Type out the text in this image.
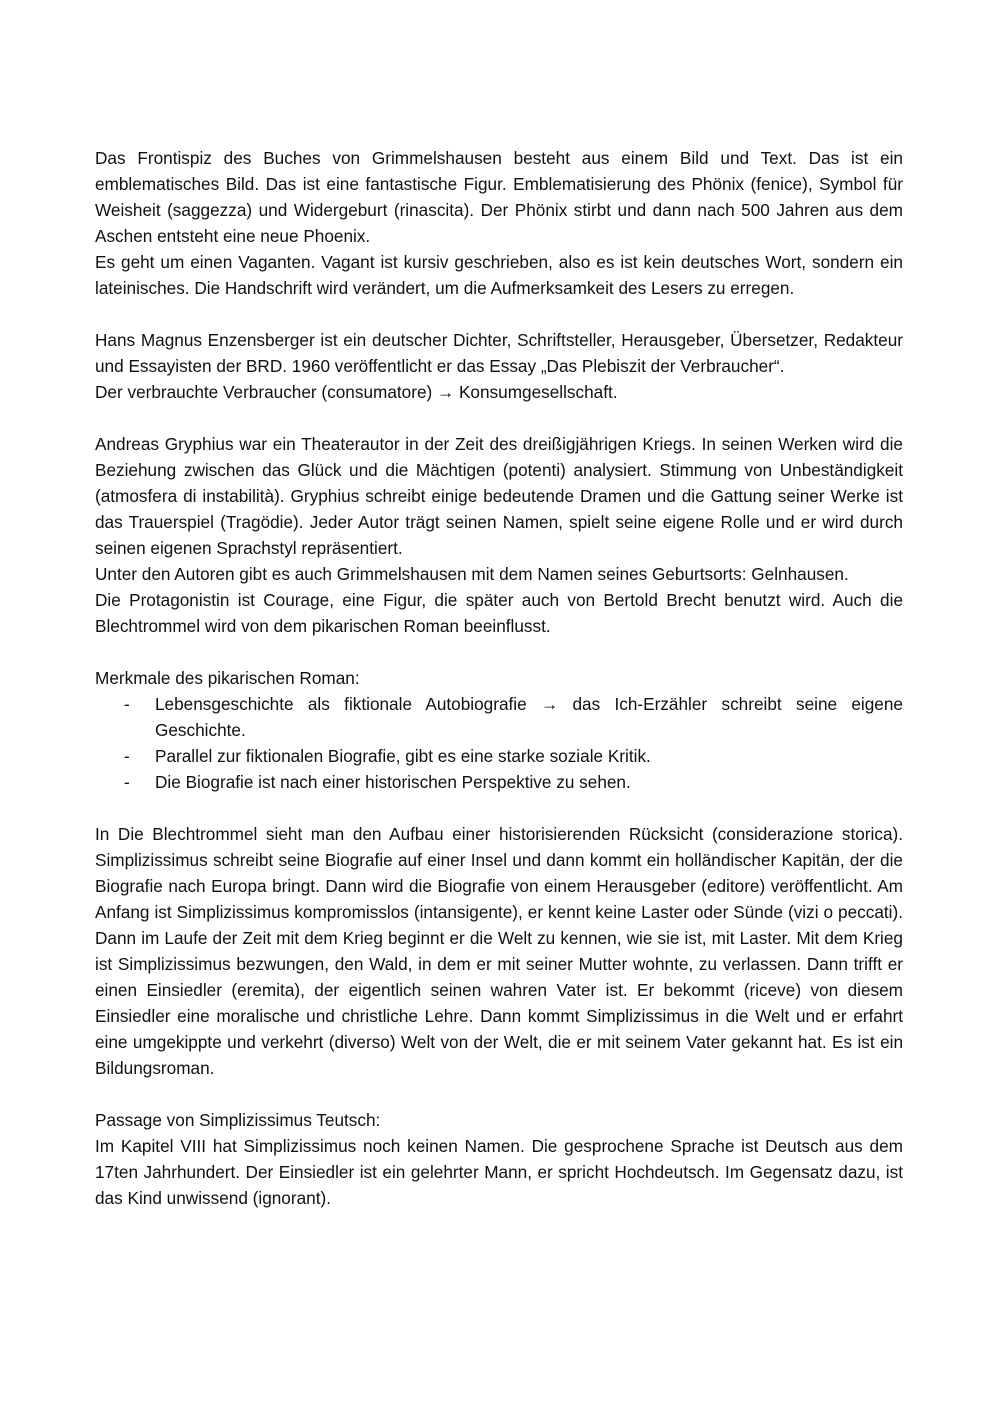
Das Frontispiz des Buches von Grimmelshausen besteht aus einem Bild und Text. Das ist ein emblematisches Bild. Das ist eine fantastische Figur. Emblematisierung des Phönix (fenice), Symbol für Weisheit (saggezza) und Widergeburt (rinascita). Der Phönix stirbt und dann nach 500 Jahren aus dem Aschen entsteht eine neue Phoenix.

Es geht um einen Vaganten. Vagant ist kursiv geschrieben, also es ist kein deutsches Wort, sondern ein lateinisches. Die Handschrift wird verändert, um die Aufmerksamkeit des Lesers zu erregen.

Hans Magnus Enzensberger ist ein deutscher Dichter, Schriftsteller, Herausgeber, Übersetzer, Redakteur und Essayisten der BRD. 1960 veröffentlicht er das Essay „Das Plebiszit der Verbraucher“.

Der verbrauchte Verbraucher (consumatore) → Konsumgesellschaft.

Andreas Gryphius war ein Theaterautor in der Zeit des dreißigjährigen Kriegs. In seinen Werken wird die Beziehung zwischen das Glück und die Mächtigen (potenti) analysiert. Stimmung von Unbeständigkeit (atmosfera di instabilità). Gryphius schreibt einige bedeutende Dramen und die Gattung seiner Werke ist das Trauerspiel (Tragödie). Jeder Autor trägt seinen Namen, spielt seine eigene Rolle und er wird durch seinen eigenen Sprachstyl repräsentiert.

Unter den Autoren gibt es auch Grimmelshausen mit dem Namen seines Geburtsorts: Gelnhausen.

Die Protagonistin ist Courage, eine Figur, die später auch von Bertold Brecht benutzt wird. Auch die Blechtrommel wird von dem pikarischen Roman beeinflusst.

Merkmale des pikarischen Roman:

- Lebensgeschichte als fiktionale Autobiografie → das Ich-Erzähler schreibt seine eigene Geschichte.
- Parallel zur fiktionalen Biografie, gibt es eine starke soziale Kritik.
- Die Biografie ist nach einer historischen Perspektive zu sehen.

In Die Blechtrommel sieht man den Aufbau einer historisierenden Rücksicht (considerazione storica). Simplizissimus schreibt seine Biografie auf einer Insel und dann kommt ein holländischer Kapitän, der die Biografie nach Europa bringt. Dann wird die Biografie von einem Herausgeber (editore) veröffentlicht. Am Anfang ist Simplizissimus kompromisslos (intansigente), er kennt keine Laster oder Sünde (vizi o peccati). Dann im Laufe der Zeit mit dem Krieg beginnt er die Welt zu kennen, wie sie ist, mit Laster. Mit dem Krieg ist Simplizissimus bezwungen, den Wald, in dem er mit seiner Mutter wohnte, zu verlassen. Dann trifft er einen Einsiedler (eremita), der eigentlich seinen wahren Vater ist. Er bekommt (riceve) von diesem Einsiedler eine moralische und christliche Lehre. Dann kommt Simplizissimus in die Welt und er erfahrt eine umgekippte und verkehrt (diverso) Welt von der Welt, die er mit seinem Vater gekannt hat. Es ist ein Bildungsroman.

Passage von Simplizissimus Teutsch:

Im Kapitel VIII hat Simplizissimus noch keinen Namen. Die gesprochene Sprache ist Deutsch aus dem 17ten Jahrhundert. Der Einsiedler ist ein gelehrter Mann, er spricht Hochdeutsch. Im Gegensatz dazu, ist das Kind unwissend (ignorant).
